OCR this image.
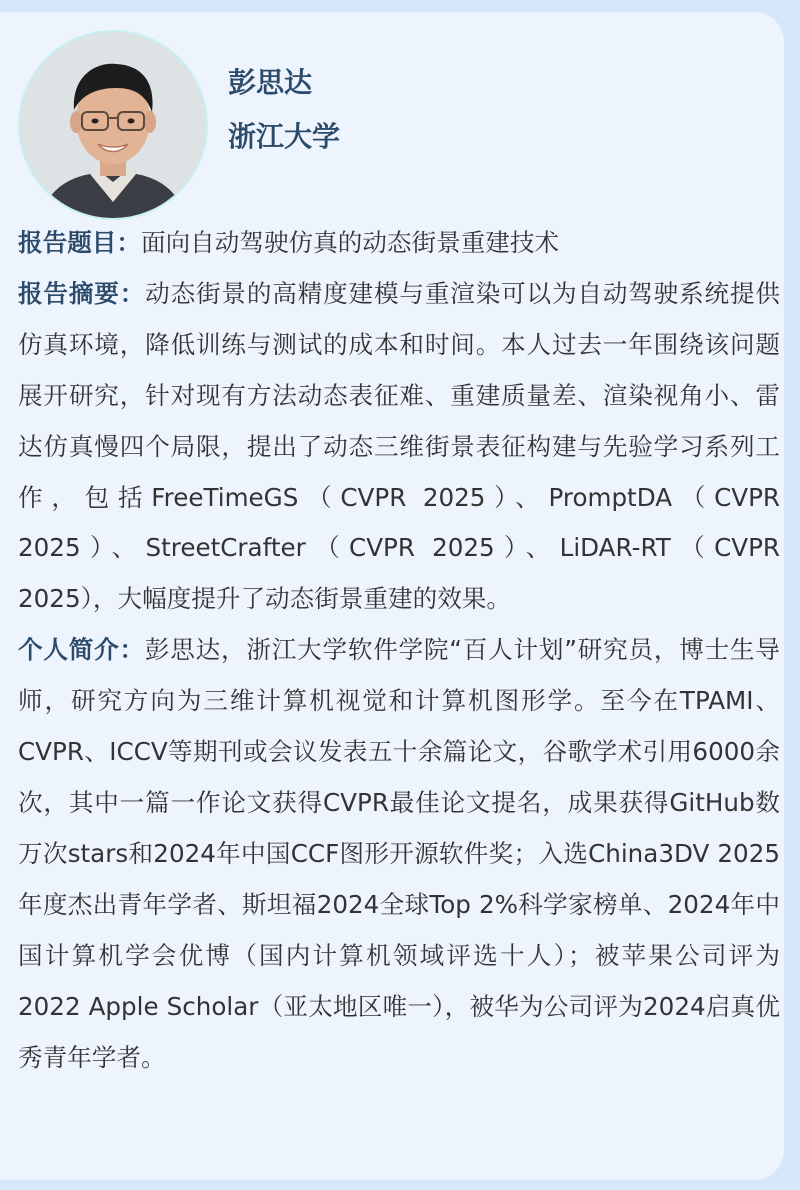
彭思达
浙江大学

报告题目：面向自动驾驶仿真的动态街景重建技术

报告摘要：动态街景的高精度建模与重渲染可以为自动驾驶系统提供仿真环境，降低训练与测试的成本和时间。本人过去一年围绕该问题展开研究，针对现有方法动态表征难、重建质量差、渲染视角小、雷达仿真慢四个局限，提出了动态三维街景表征构建与先验学习系列工作，包括FreeTimeGS（CVPR 2025）、PromptDA（CVPR 2025）、StreetCrafter（CVPR 2025）、LiDAR-RT（CVPR 2025），大幅度提升了动态街景重建的效果。

个人简介：彭思达，浙江大学软件学院“百人计划”研究员，博士生导师，研究方向为三维计算机视觉和计算机图形学。至今在TPAMI、CVPR、ICCV等期刊或会议发表五十余篇论文，谷歌学术引用6000余次，其中一篇一作论文获得CVPR最佳论文提名，成果获得GitHub数万次stars和2024年中国CCF图形开源软件奖；入选China3DV 2025年度杰出青年学者、斯坦福2024全球Top 2%科学家榜单、2024年中国计算机学会优博（国内计算机领域评选十人）；被苹果公司评为2022 Apple Scholar（亚太地区唯一），被华为公司评为2024启真优秀青年学者。
